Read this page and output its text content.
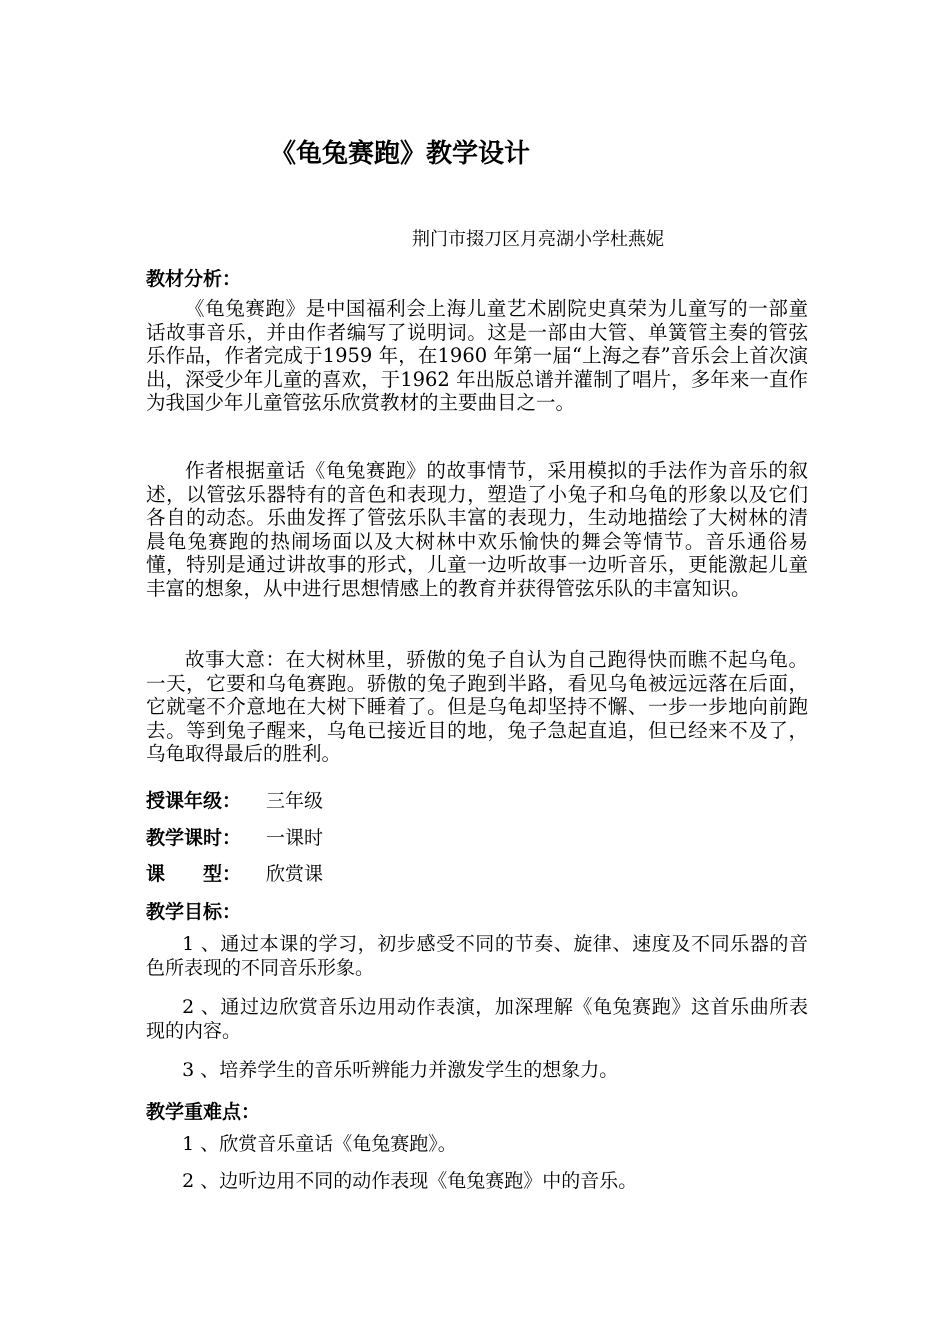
《龟兔赛跑》教学设计
荆门市掇刀区月亮湖小学杜燕妮
教材分析：
《龟兔赛跑》是中国福利会上海儿童艺术剧院史真荣为儿童写的一部童话故事音乐，并由作者编写了说明词。这是一部由大管、单簧管主奏的管弦乐作品，作者完成于1959 年，在1960 年第一届“上海之春”音乐会上首次演出，深受少年儿童的喜欢，于1962 年出版总谱并灌制了唱片，多年来一直作为我国少年儿童管弦乐欣赏教材的主要曲目之一。
作者根据童话《龟兔赛跑》的故事情节，采用模拟的手法作为音乐的叙述，以管弦乐器特有的音色和表现力，塑造了小兔子和乌龟的形象以及它们各自的动态。乐曲发挥了管弦乐队丰富的表现力，生动地描绘了大树林的清晨龟兔赛跑的热闹场面以及大树林中欢乐愉快的舞会等情节。音乐通俗易懂，特别是通过讲故事的形式，儿童一边听故事一边听音乐，更能激起儿童丰富的想象，从中进行思想情感上的教育并获得管弦乐队的丰富知识。
故事大意：在大树林里，骄傲的兔子自认为自己跑得快而瞧不起乌龟。一天，它要和乌龟赛跑。骄傲的兔子跑到半路，看见乌龟被远远落在后面，它就毫不介意地在大树下睡着了。但是乌龟却坚持不懈、一步一步地向前跑去。等到兔子醒来，乌龟已接近目的地，兔子急起直追，但已经来不及了，乌龟取得最后的胜利。
授课年级： 三年级
教学课时： 一课时
课　　型： 欣赏课
教学目标：
1 、通过本课的学习，初步感受不同的节奏、旋律、速度及不同乐器的音色所表现的不同音乐形象。
2 、通过边欣赏音乐边用动作表演，加深理解《龟兔赛跑》这首乐曲所表现的内容。
3 、培养学生的音乐听辨能力并激发学生的想象力。
教学重难点：
1 、欣赏音乐童话《龟兔赛跑》。
2 、边听边用不同的动作表现《龟兔赛跑》中的音乐。
